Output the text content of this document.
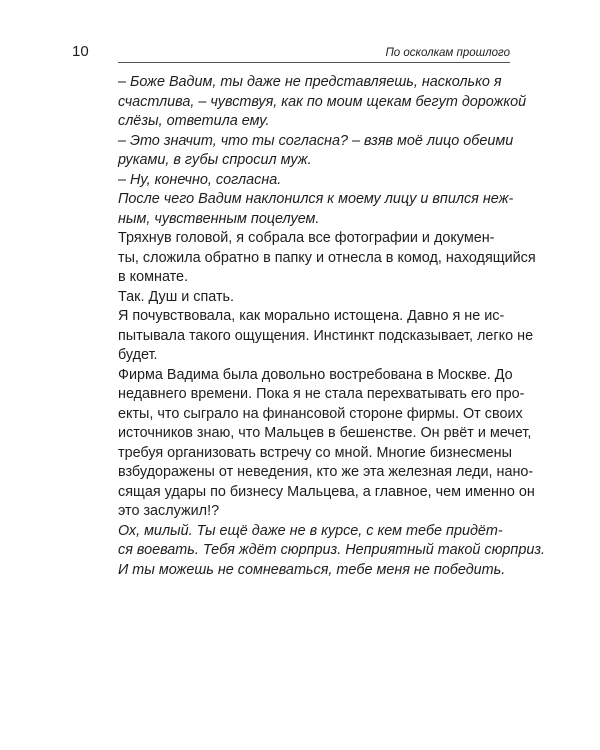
10	По осколкам прошлого
– Боже Вадим, ты даже не представляешь, насколько я
счастлива, – чувствуя, как по моим щекам бегут дорожкой
слёзы, ответила ему.
– Это значит, что ты согласна? – взяв моё лицо обеими
руками, в губы спросил муж.
– Ну, конечно, согласна.
После чего Вадим наклонился к моему лицу и впился неж-
ным, чувственным поцелуем.
Тряхнув головой, я собрала все фотографии и докумен-
ты, сложила обратно в папку и отнесла в комод, находящийся
в комнате.
Так. Душ и спать.
Я почувствовала, как морально истощена. Давно я не ис-
пытывала такого ощущения. Инстинкт подсказывает, легко не
будет.
Фирма Вадима была довольно востребована в Москве. До
недавнего времени. Пока я не стала перехватывать его про-
екты, что сыграло на финансовой стороне фирмы. От своих
источников знаю, что Мальцев в бешенстве. Он рвёт и мечет,
требуя организовать встречу со мной. Многие бизнесмены
взбудоражены от неведения, кто же эта железная леди, нано-
сящая удары по бизнесу Мальцева, а главное, чем именно он
это заслужил!?
Ох, милый. Ты ещё даже не в курсе, с кем тебе придёт-
ся воевать. Тебя ждёт сюрприз. Неприятный такой сюрприз.
И ты можешь не сомневаться, тебе меня не победить.
